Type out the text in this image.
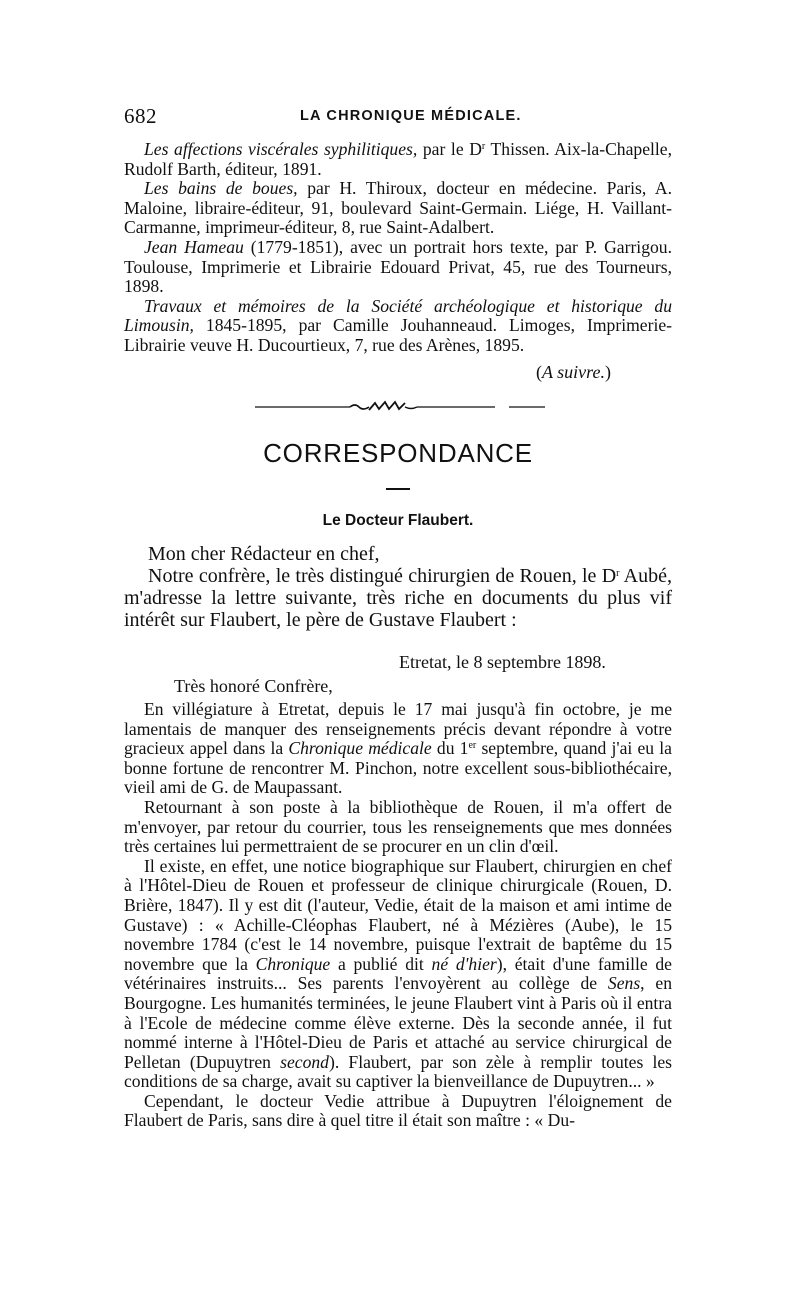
682	LA CHRONIQUE MÉDICALE.

Les affections viscérales syphilitiques, par le $D^r$ Thissen. Aix-la-Chapelle, Rudolf Barth, éditeur, 1891.

Les bains de boues, par H. Thiroux, docteur en médecine. Paris, A. Maloine, libraire-éditeur, 91, boulevard Saint-Germain. Liége, H. Vaillant-Carmanne, imprimeur-éditeur, 8, rue Saint-Adalbert.

Jean Hameau (1779-1851), avec un portrait hors texte, par P. Garrigou. Toulouse, Imprimerie et Librairie Edouard Privat, 45, rue des Tourneurs, 1898.

Travaux et mémoires de la Société archéologique et historique du Limousin, 1845-1895, par Camille Jouhanneaud. Limoges, Imprimerie-Librairie veuve H. Ducourtieux, 7, rue des Arènes, 1895.

(A suivre.)
CORRESPONDANCE
Le Docteur Flaubert.

Mon cher Rédacteur en chef,

Notre confrère, le très distingué chirurgien de Rouen, le $D^r$ Aubé, m'adresse la lettre suivante, très riche en documents du plus vif intérêt sur Flaubert, le père de Gustave Flaubert :

Etretat, le 8 septembre 1898.
Très honoré Confrère,

En villégiature à Etretat, depuis le 17 mai jusqu'à fin octobre, je me lamentais de manquer des renseignements précis devant répondre à votre gracieux appel dans la Chronique médicale du 1er septembre, quand j'ai eu la bonne fortune de rencontrer M. Pinchon, notre excellent sous-bibliothécaire, vieil ami de G. de Maupassant.

Retournant à son poste à la bibliothèque de Rouen, il m'a offert de m'envoyer, par retour du courrier, tous les renseignements que mes données très certaines lui permettraient de se procurer en un clin d'œil.

Il existe, en effet, une notice biographique sur Flaubert, chirurgien en chef à l'Hôtel-Dieu de Rouen et professeur de clinique chirurgicale (Rouen, D. Brière, 1847). Il y est dit (l'auteur, Vedie, était de la maison et ami intime de Gustave) : « Achille-Cléophas Flaubert, né à Mézières (Aube), le 15 novembre 1784 (c'est le 14 novembre, puisque l'extrait de baptême du 15 novembre que la Chronique a publié dit né d'hier), était d'une famille de vétérinaires instruits... Ses parents l'envoyèrent au collège de Sens, en Bourgogne. Les humanités terminées, le jeune Flaubert vint à Paris où il entra à l'Ecole de médecine comme élève externe. Dès la seconde année, il fut nommé interne à l'Hôtel-Dieu de Paris et attaché au service chirurgical de Pelletan (Dupuytren second). Flaubert, par son zèle à remplir toutes les conditions de sa charge, avait su captiver la bienveillance de Dupuytren... »

Cependant, le docteur Vedie attribue à Dupuytren l'éloignement de Flaubert de Paris, sans dire à quel titre il était son maître : « Du-
